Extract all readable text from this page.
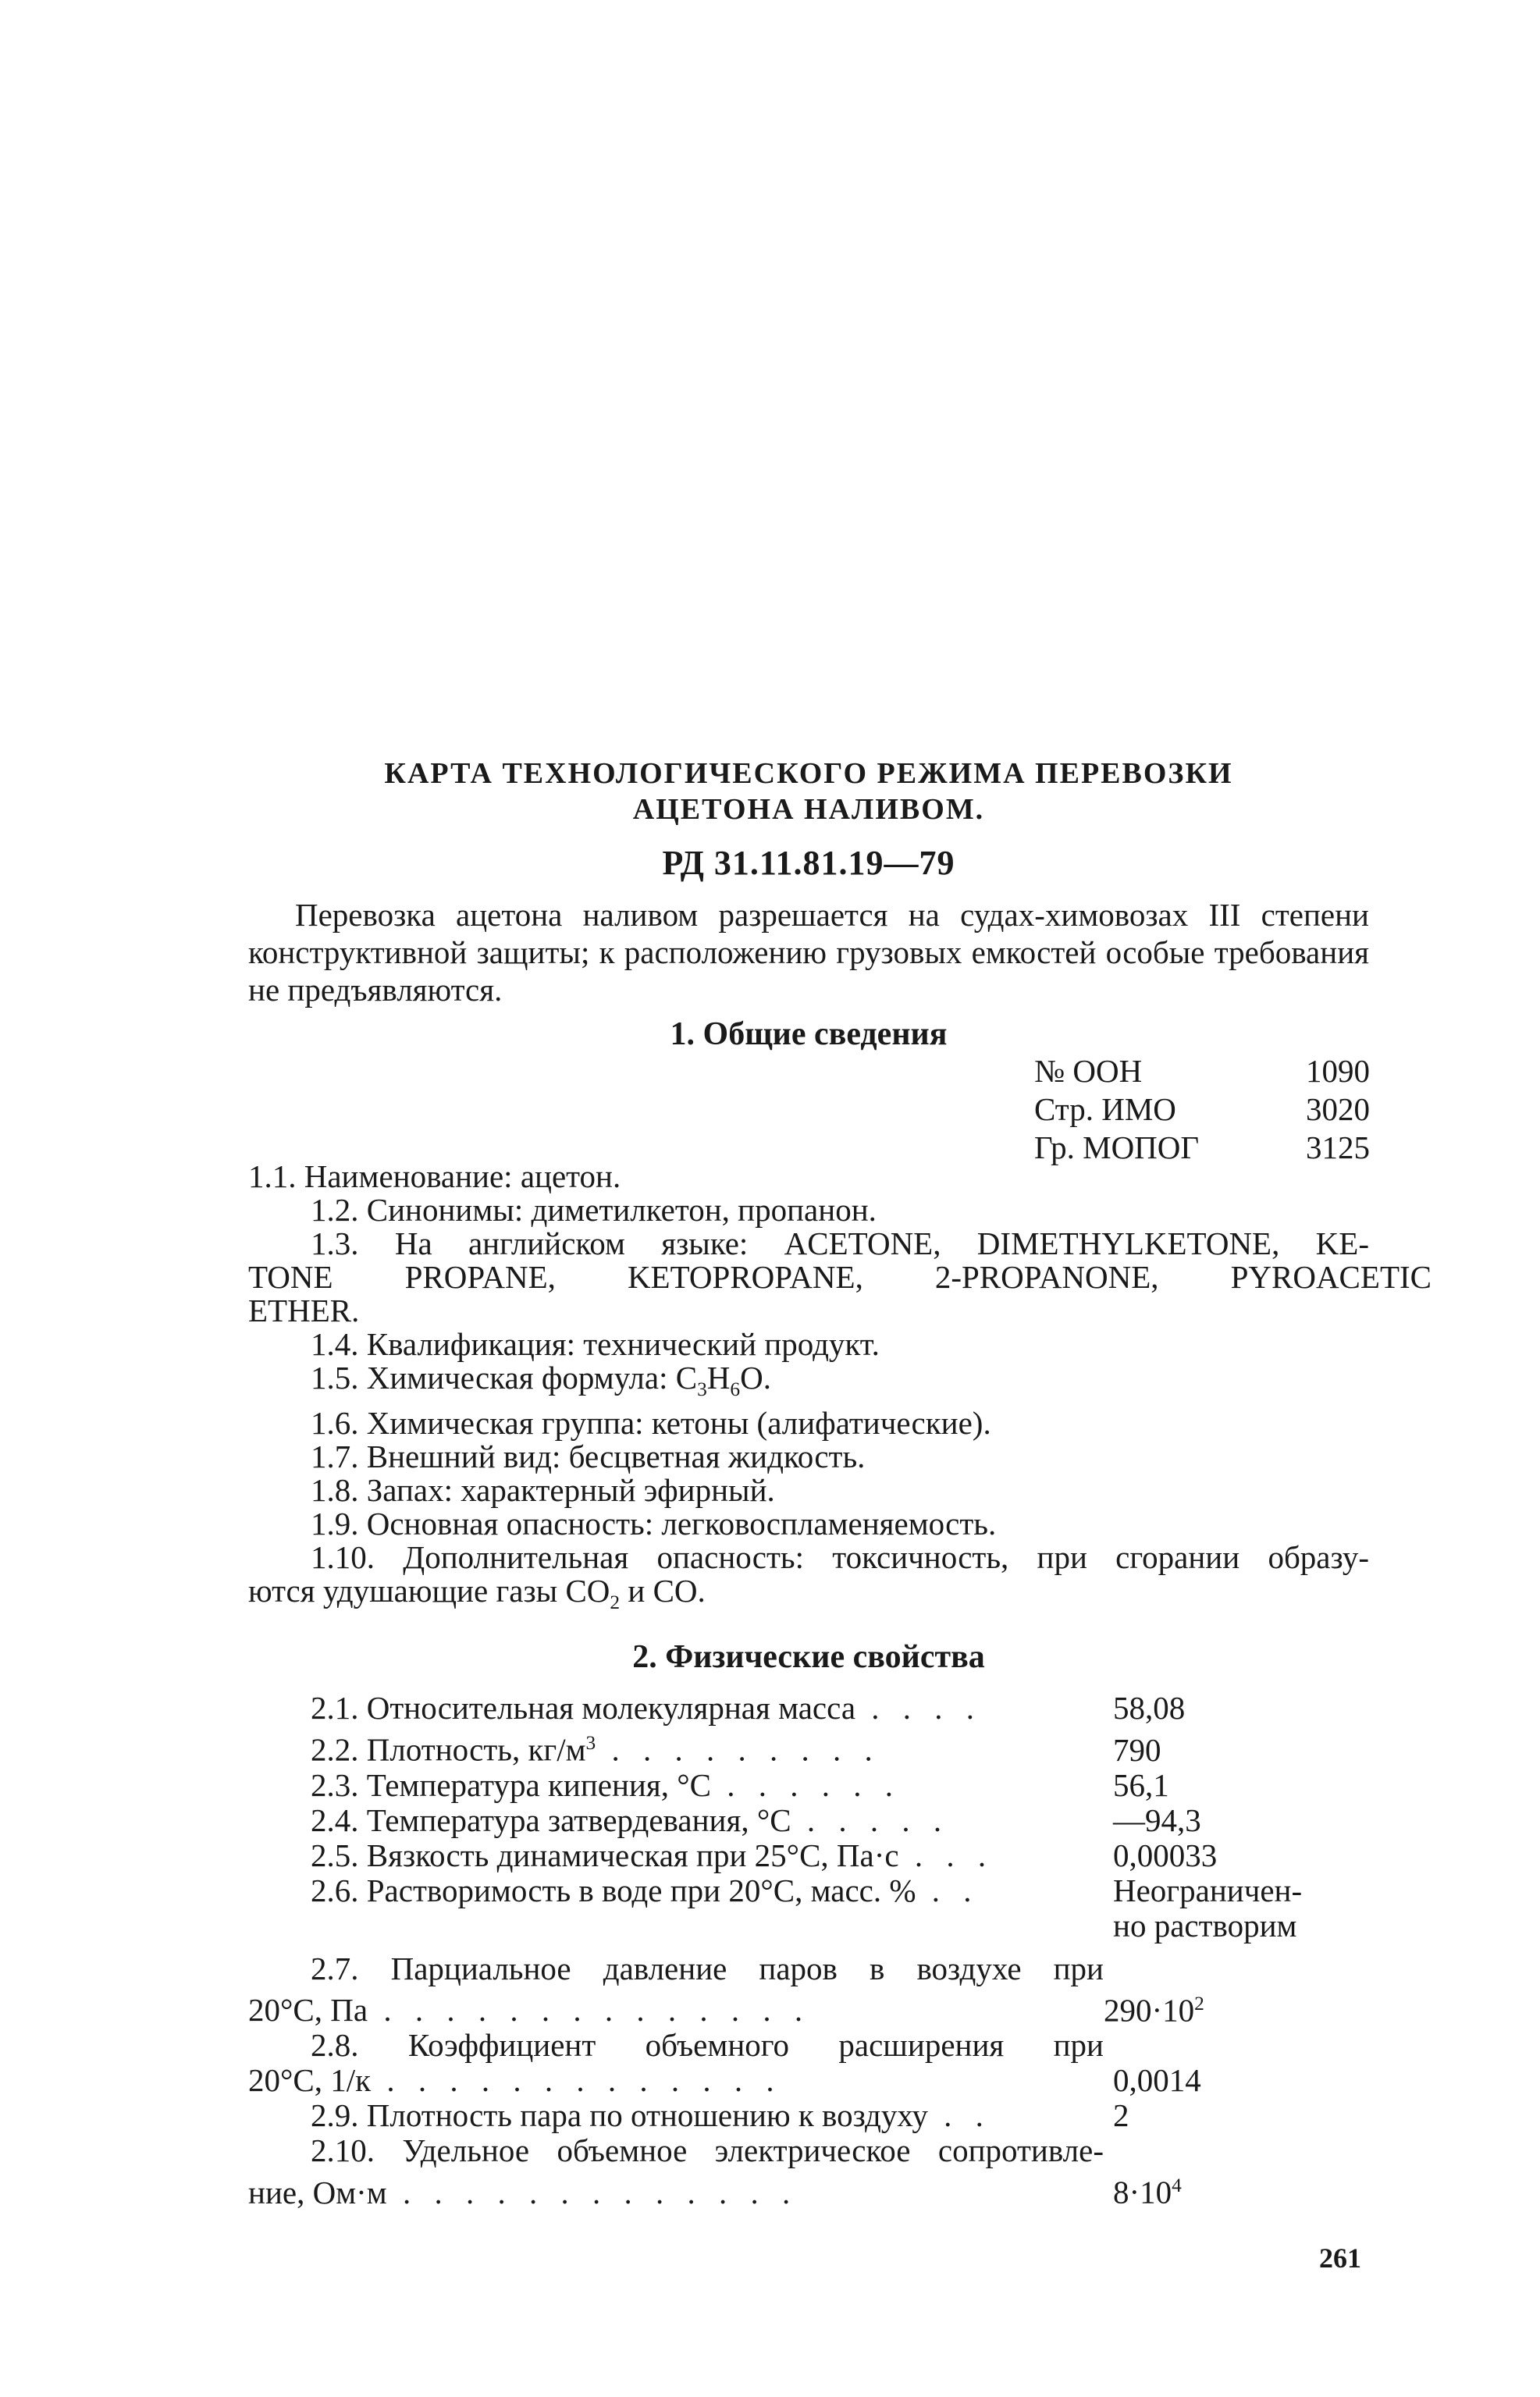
КАРТА ТЕХНОЛОГИЧЕСКОГО РЕЖИМА ПЕРЕВОЗКИ
АЦЕТОНА НАЛИВОМ.
РД 31.11.81.19—79
Перевозка ацетона наливом разрешается на судах-химовозах III степени конструктивной защиты; к расположению грузовых емкостей особые требования не предъявляются.
1. Общие сведения
№ ООН	1090
Стр. ИМО	3020
Гр. МОПОГ	3125
1.1. Наименование: ацетон.
1.2. Синонимы: диметилкетон, пропанон.
1.3. На английском языке: ACETONE, DIMETHYLKETONE, KE-
TONE PROPANE, KETOPROPANE, 2-PROPANONE, PYROACETIC
ETHER.
1.4. Квалификация: технический продукт.
1.5. Химическая формула: $C_3H_6O$.
1.6. Химическая группа: кетоны (алифатические).
1.7. Внешний вид: бесцветная жидкость.
1.8. Запах: характерный эфирный.
1.9. Основная опасность: легковоспламеняемость.
1.10. Дополнительная опасность: токсичность, при сгорании образу-
ются удушающие газы $CO_2$ и CO.
2. Физические свойства
2.1. Относительная молекулярная масса . . . .	58,08
2.2. Плотность, $кг/м^3$ . . . . . . . . .	790
2.3. Температура кипения, °С . . . . . .	56,1
2.4. Температура затвердевания, °С . . . . .	—94,3
2.5. Вязкость динамическая при 25°С, Па·с . . .	0,00033
2.6. Растворимость в воде при 20°С, масс. % . .	Неограничен-
но растворим
2.7. Парциальное давление паров в воздухе при
20°С, Па . . . . . . . . . . . . . .	$290\cdot 10^2$
2.8. Коэффициент объемного расширения при
20°С, 1/к . . . . . . . . . . . . .	0,0014
2.9. Плотность пара по отношению к воздуху . .	2
2.10. Удельное объемное электрическое сопротивле-
ние, Ом·м . . . . . . . . . . . . .	$8\cdot 10^4$
261
